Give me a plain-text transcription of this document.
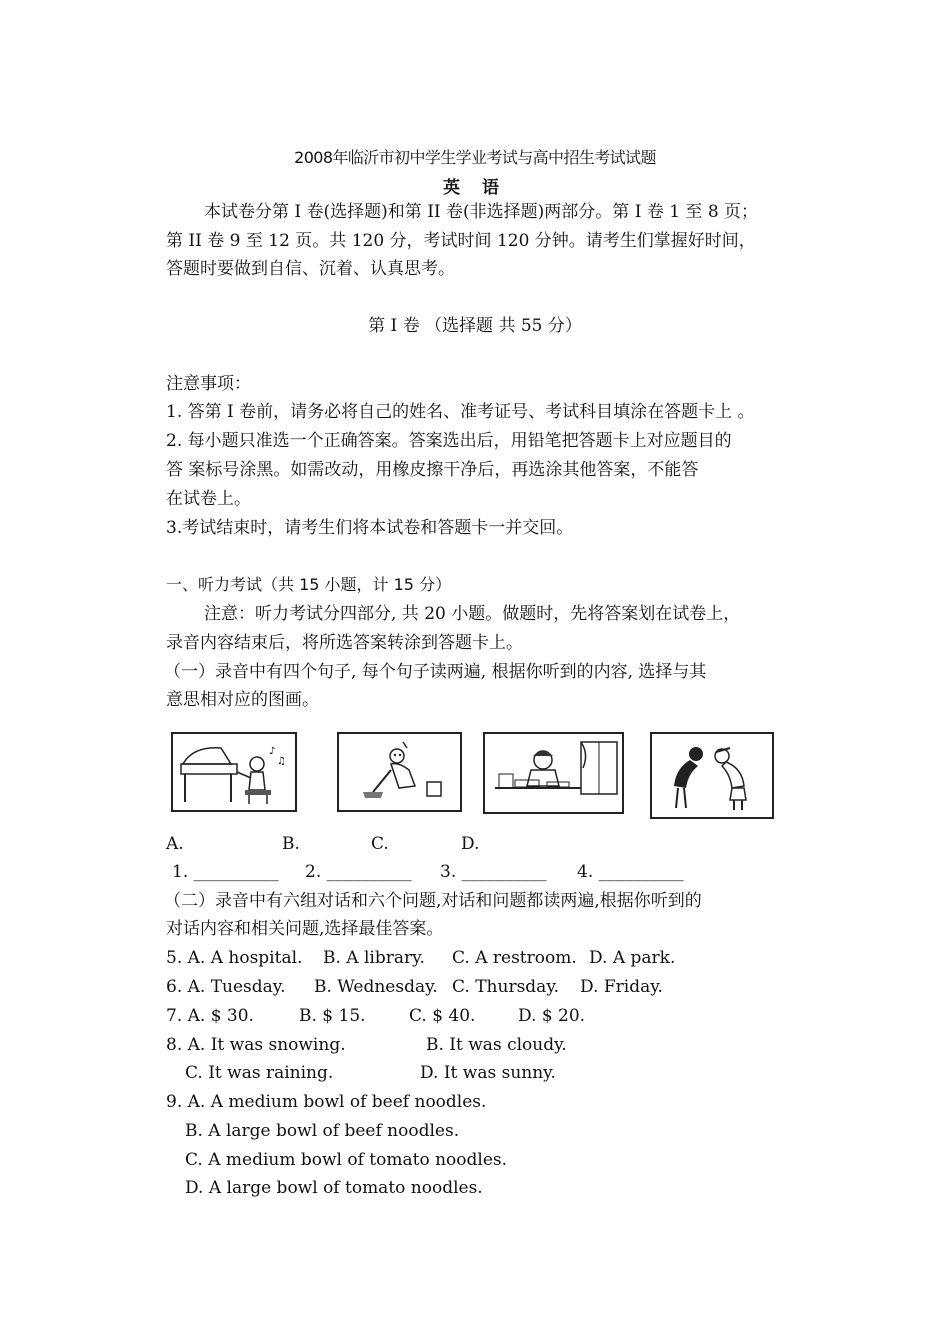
2008年临沂市初中学生学业考试与高中招生考试试题
英 语
本试卷分第 I 卷(选择题)和第 II 卷(非选择题)两部分。第 I 卷 1 至 8 页；
第 II 卷 9 至 12 页。共 120 分，考试时间 120 分钟。请考生们掌握好时间，
答题时要做到自信、沉着、认真思考。
第 I 卷 （选择题 共 55 分）
注意事项：
1. 答第 I 卷前，请务必将自己的姓名、准考证号、考试科目填涂在答题卡上 。
2. 每小题只准选一个正确答案。答案选出后，用铅笔把答题卡上对应题目的
答 案标号涂黑。如需改动，用橡皮擦干净后，再选涂其他答案，不能答
在试卷上。
3.考试结束时，请考生们将本试卷和答题卡一并交回。
一、听力考试（共 15 小题，计 15 分）
注意：听力考试分四部分, 共 20 小题。做题时，先将答案划在试卷上，
录音内容结束后，将所选答案转涂到答题卡上。
（一）录音中有四个句子, 每个句子读两遍, 根据你听到的内容, 选择与其
意思相对应的图画。
♪
♫
A.	B.	C.	D.
1. __________ 2. __________ 3. __________ 4. __________
（二）录音中有六组对话和六个问题,对话和问题都读两遍,根据你听到的
对话内容和相关问题,选择最佳答案。
5. A. A hospital. B. A library. C. A restroom. D. A park.
6. A. Tuesday. B. Wednesday. C. Thursday. D. Friday.
7. A. $ 30.	B. $ 15.	C. $ 40.	D. $ 20.
8. A. It was snowing.	B. It was cloudy.
C. It was raining.	D. It was sunny.
9. A. A medium bowl of beef noodles.
B. A large bowl of beef noodles.
C. A medium bowl of tomato noodles.
D. A large bowl of tomato noodles.
